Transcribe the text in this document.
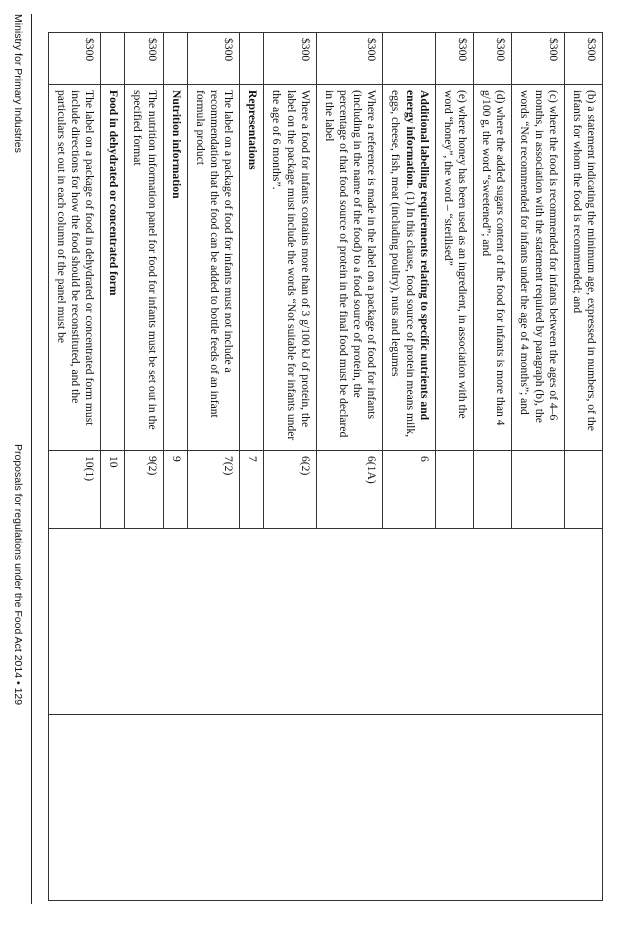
$300	(b) a statement indicating the minimum age, expressed in numbers, of the infants for whom the food is recommended; and			
$300	(c) where the food is recommended for infants between the ages of 4–6 months, in association with the statement required by paragraph (b), the words “Not recommended for infants under the age of 4 months”; and			
$300	(d) where the added sugars content of the food for infants is more than 4 g/100 g, the word “sweetened”; and			
$300	(e) where honey has been used as an ingredient, in association with the word “honey”, the word – “sterilised”			
	Additional labelling requirements relating to specific nutrients and energy information. (1) In this clause, food source of protein means milk, eggs, cheese, fish, meat (including poultry), nuts and legumes	6		
$300	Where a reference is made in the label on a package of food for infants (including in the name of the food) to a food source of protein, the percentage of that food source of protein in the final food must be declared in the label	6(1A)		
$300	Where a food for infants contains more than of 3 g/100 kJ of protein, the label on the package must include the words “Not suitable for infants under the age of 6 months”.	6(2)		
	Representations	7		
$300	The label on a package of food for infants must not include a recommendation that the food can be added to bottle feeds of an infant formula product	7(2)		
	Nutrition information	9		
$300	The nutrition information panel for food for infants must be set out in the specified format	9(2)		
	Food in dehydrated or concentrated form	10		
$300	The label on a package of food in dehydrated or concentrated form must include directions for how the food should be reconstituted, and the particulars set out in each column of the panel must be	10(1)		
Ministry for Primary Industries
Proposals for regulations under the Food Act 2014 • 129
